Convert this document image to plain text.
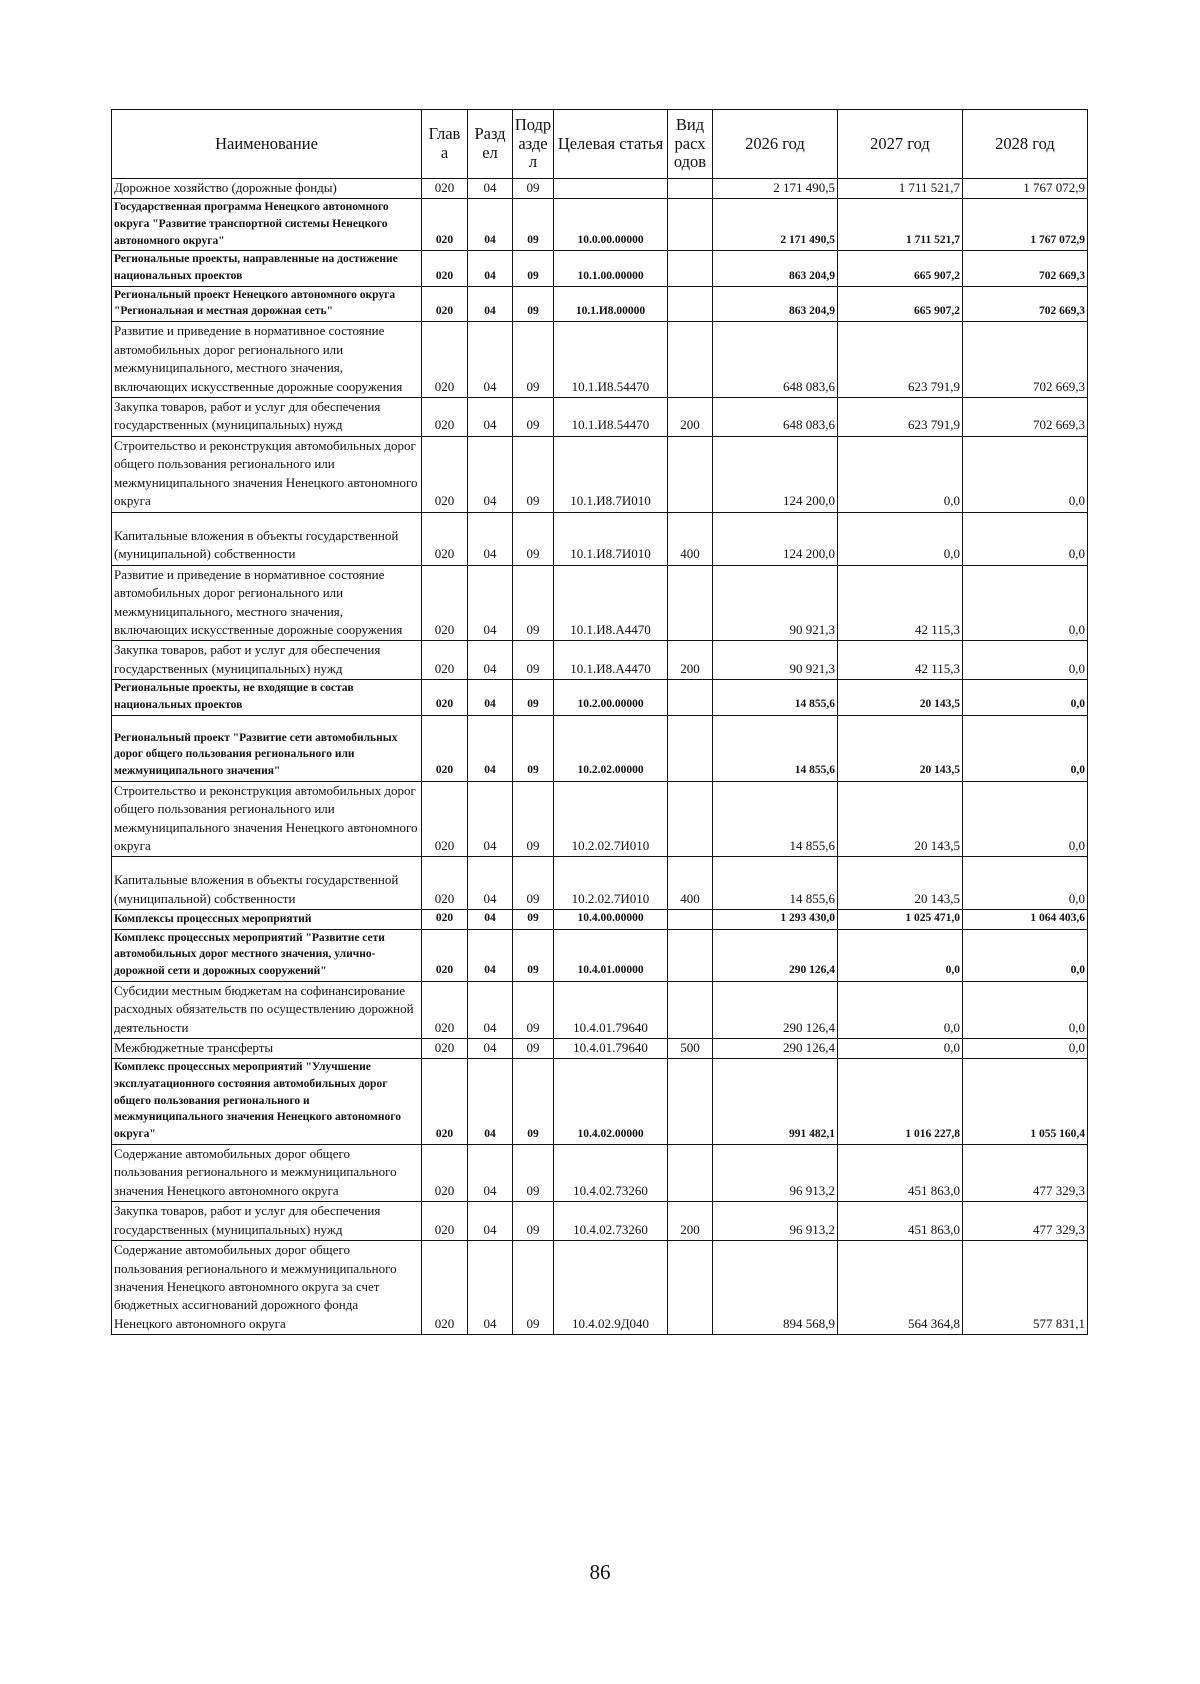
Наименование	Глав а	Разд ел	Подр азде л	Целевая статья	Вид расх одов	2026 год	2027 год	2028 год
Дорожное хозяйство (дорожные фонды)	020	04	09			2 171 490,5	1 711 521,7	1 767 072,9
Государственная программа Ненецкого автономного округа "Развитие транспортной системы Ненецкого автономного округа"	020	04	09	10.0.00.00000		2 171 490,5	1 711 521,7	1 767 072,9
Региональные проекты, направленные на достижение национальных проектов	020	04	09	10.1.00.00000		863 204,9	665 907,2	702 669,3
Региональный проект Ненецкого автономного округа "Региональная и местная дорожная сеть"	020	04	09	10.1.И8.00000		863 204,9	665 907,2	702 669,3
Развитие и приведение в нормативное состояние автомобильных дорог регионального или межмуниципального, местного значения, включающих искусственные дорожные сооружения	020	04	09	10.1.И8.54470		648 083,6	623 791,9	702 669,3
Закупка товаров, работ и услуг для обеспечения государственных (муниципальных) нужд	020	04	09	10.1.И8.54470	200	648 083,6	623 791,9	702 669,3
Строительство и реконструкция автомобильных дорог общего пользования регионального или межмуниципального значения Ненецкого автономного округа	020	04	09	10.1.И8.7И010		124 200,0	0,0	0,0
Капитальные вложения в объекты государственной (муниципальной) собственности	020	04	09	10.1.И8.7И010	400	124 200,0	0,0	0,0
Развитие и приведение в нормативное состояние автомобильных дорог регионального или межмуниципального, местного значения, включающих искусственные дорожные сооружения	020	04	09	10.1.И8.А4470		90 921,3	42 115,3	0,0
Закупка товаров, работ и услуг для обеспечения государственных (муниципальных) нужд	020	04	09	10.1.И8.А4470	200	90 921,3	42 115,3	0,0
Региональные проекты, не входящие в состав национальных проектов	020	04	09	10.2.00.00000		14 855,6	20 143,5	0,0
Региональный проект "Развитие сети автомобильных дорог общего пользования регионального или межмуниципального значения"	020	04	09	10.2.02.00000		14 855,6	20 143,5	0,0
Строительство и реконструкция автомобильных дорог общего пользования регионального или межмуниципального значения Ненецкого автономного округа	020	04	09	10.2.02.7И010		14 855,6	20 143,5	0,0
Капитальные вложения в объекты государственной (муниципальной) собственности	020	04	09	10.2.02.7И010	400	14 855,6	20 143,5	0,0
Комплексы процессных мероприятий	020	04	09	10.4.00.00000		1 293 430,0	1 025 471,0	1 064 403,6
Комплекс процессных мероприятий "Развитие сети автомобильных дорог местного значения, улично-дорожной сети и дорожных сооружений"	020	04	09	10.4.01.00000		290 126,4	0,0	0,0
Субсидии местным бюджетам на софинансирование расходных обязательств по осуществлению дорожной деятельности	020	04	09	10.4.01.79640		290 126,4	0,0	0,0
Межбюджетные трансферты	020	04	09	10.4.01.79640	500	290 126,4	0,0	0,0
Комплекс процессных мероприятий "Улучшение эксплуатационного состояния автомобильных дорог общего пользования регионального и межмуниципального значения Ненецкого автономного округа"	020	04	09	10.4.02.00000		991 482,1	1 016 227,8	1 055 160,4
Содержание автомобильных дорог общего пользования регионального и межмуниципального значения Ненецкого автономного округа	020	04	09	10.4.02.73260		96 913,2	451 863,0	477 329,3
Закупка товаров, работ и услуг для обеспечения государственных (муниципальных) нужд	020	04	09	10.4.02.73260	200	96 913,2	451 863,0	477 329,3
Содержание автомобильных дорог общего пользования регионального и межмуниципального значения Ненецкого автономного округа за счет бюджетных ассигнований дорожного фонда Ненецкого автономного округа	020	04	09	10.4.02.9Д040		894 568,9	564 364,8	577 831,1
86
